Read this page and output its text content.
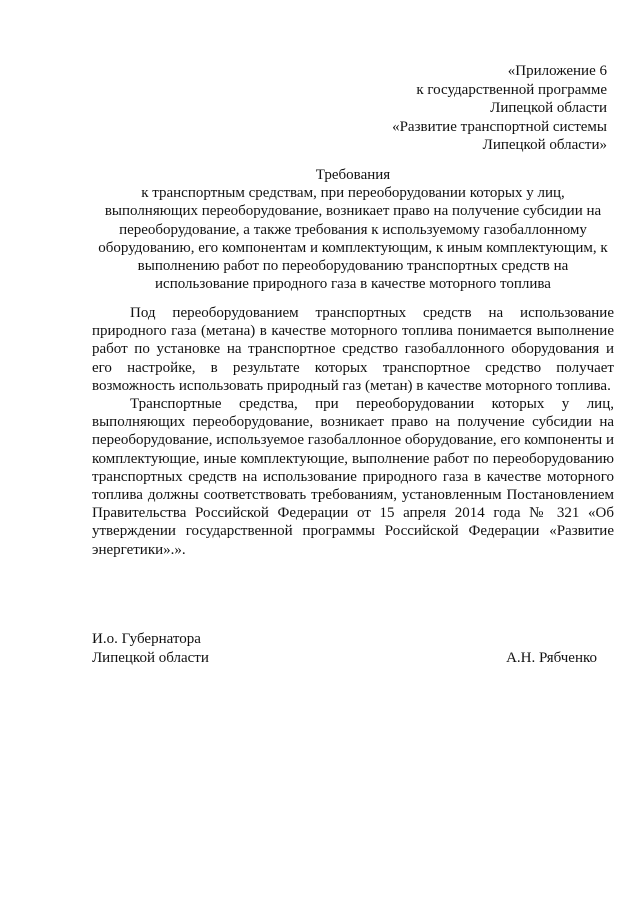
«Приложение 6
к государственной программе
Липецкой области
«Развитие транспортной системы
Липецкой области»
Требования
к транспортным средствам, при переоборудовании которых у лиц,
выполняющих переоборудование, возникает право на получение субсидии на
переоборудование, а также требования к используемому газобаллонному
оборудованию, его компонентам и комплектующим, к иным комплектующим, к
выполнению работ по переоборудованию транспортных средств на
использование природного газа в качестве моторного топлива

Под переоборудованием транспортных средств на использование природного газа (метана) в качестве моторного топлива понимается выполнение работ по установке на транспортное средство газобаллонного оборудования и его настройке, в результате которых транспортное средство получает возможность использовать природный газ (метан) в качестве моторного топлива.

Транспортные средства, при переоборудовании которых у лиц, выполняющих переоборудование, возникает право на получение субсидии на переоборудование, используемое газобаллонное оборудование, его компоненты и комплектующие, иные комплектующие, выполнение работ по переоборудованию транспортных средств на использование природного газа в качестве моторного топлива должны соответствовать требованиям, установленным Постановлением Правительства Российской Федерации от 15 апреля 2014 года № 321 «Об утверждении государственной программы Российской Федерации «Развитие энергетики».».

И.о. Губернатора
Липецкой области	А.Н. Рябченко
